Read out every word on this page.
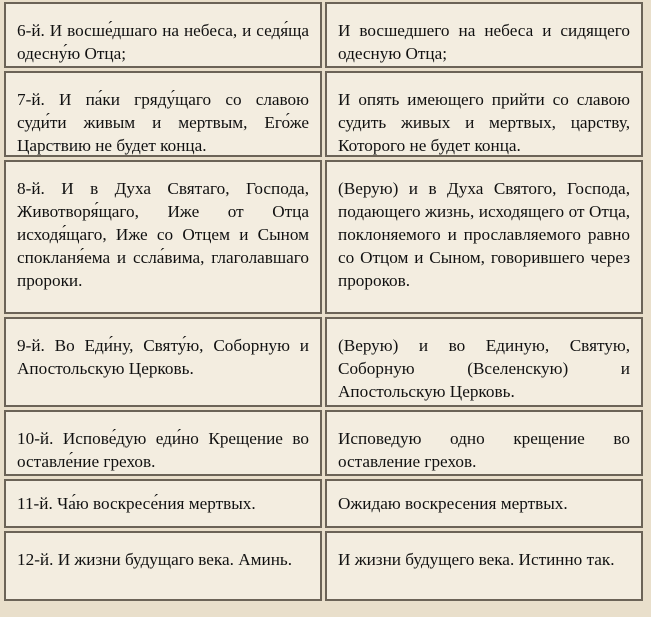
6-й. И восше́дшаго на небеса, и седя́ща одесну́ю Отца;
И восшедшего на небеса и сидящего одесную Отца;
7-й. И па́ки гряду́щаго со славою суди́ти живым и мертвым, Его́же Царствию не будет конца.
И опять имеющего прийти со славою судить живых и мертвых, царству, Которого не будет конца.
8-й. И в Духа Святаго, Господа, Животворя́щаго, Иже от Отца исходя́щаго, Иже со Отцем и Сыном спокланя́ема и ссла́вима, глаголавшаго пророки.
(Верую) и в Духа Святого, Господа, подающего жизнь, исходящего от Отца, поклоняемого и прославляемого равно со Отцом и Сыном, говорившего через пророков.
9-й. Во Еди́ну, Святу́ю, Соборную и Апостольскую Церковь.
(Верую) и во Единую, Святую, Соборную (Вселенскую) и Апостольскую Церковь.
10-й. Испове́дую еди́но Крещение во оставле́ние грехов.
Исповедую одно крещение во оставление грехов.
11-й. Ча́ю воскресе́ния мертвых.	Ожидаю воскресения мертвых.
12-й. И жизни будущаго века. Аминь.	И жизни будущего века. Истинно так.
